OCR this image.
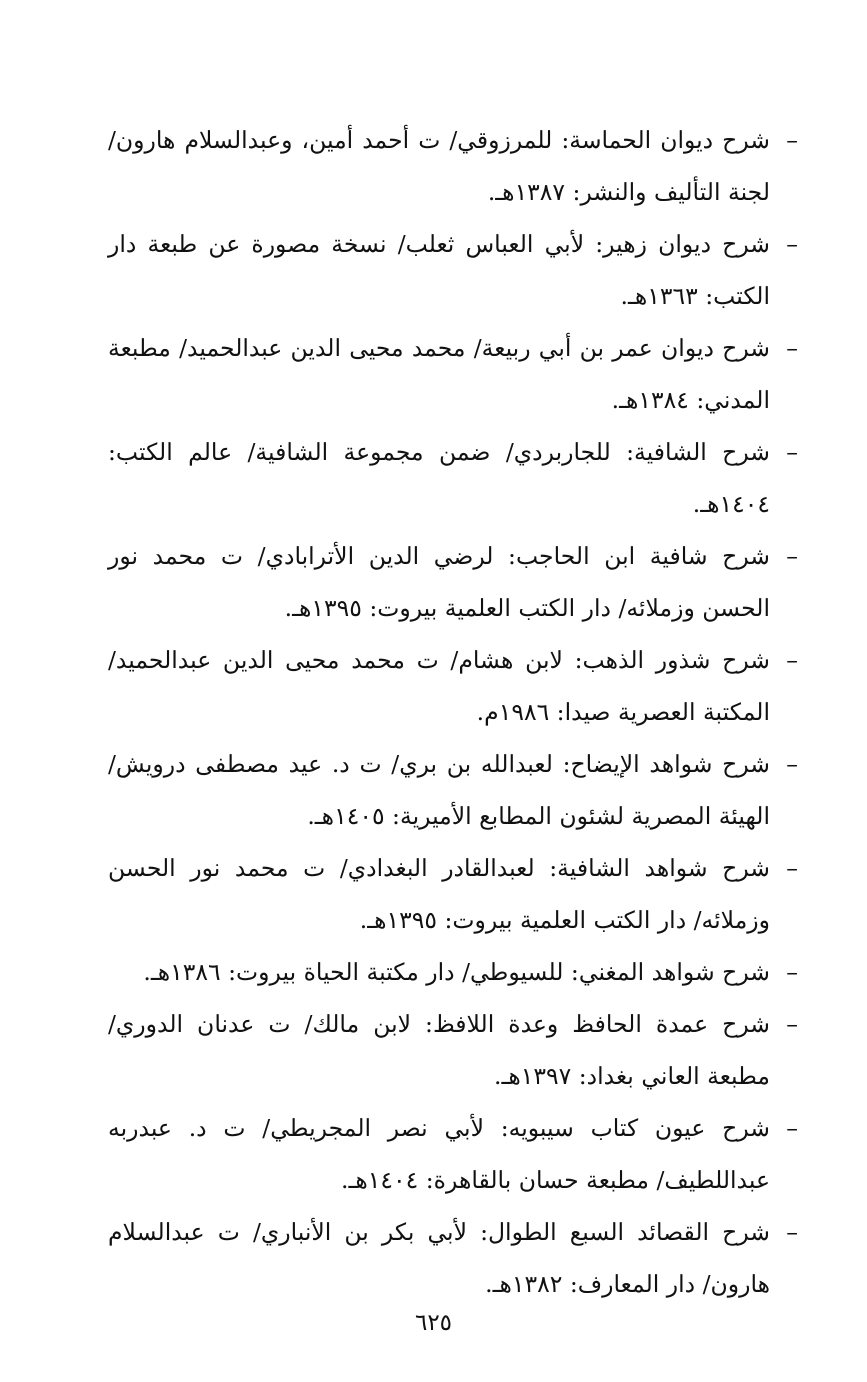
–
شرح ديوان الحماسة: للمرزوقي/ ت أحمد أمين، وعبدالسلام هارون/ لجنة التأليف والنشر: ١٣٨٧هـ.
–
شرح ديوان زهير: لأبي العباس ثعلب/ نسخة مصورة عن طبعة دار الكتب: ١٣٦٣هـ.
–
شرح ديوان عمر بن أبي ربيعة/ محمد محيى الدين عبدالحميد/ مطبعة المدني: ١٣٨٤هـ.
–
شرح الشافية: للجاربردي/ ضمن مجموعة الشافية/ عالم الكتب: ١٤٠٤هـ.
–
شرح شافية ابن الحاجب: لرضي الدين الأترابادي/ ت محمد نور الحسن وزملائه/ دار الكتب العلمية بيروت: ١٣٩٥هـ.
–
شرح شذور الذهب: لابن هشام/ ت محمد محيى الدين عبدالحميد/ المكتبة العصرية صيدا: ١٩٨٦م.
–
شرح شواهد الإيضاح: لعبدالله بن بري/ ت د. عيد مصطفى درويش/ الهيئة المصرية لشئون المطابع الأميرية: ١٤٠٥هـ.
–
شرح شواهد الشافية: لعبدالقادر البغدادي/ ت محمد نور الحسن وزملائه/ دار الكتب العلمية بيروت: ١٣٩٥هـ.
–
شرح شواهد المغني: للسيوطي/ دار مكتبة الحياة بيروت: ١٣٨٦هـ.
–
شرح عمدة الحافظ وعدة اللافظ: لابن مالك/ ت عدنان الدوري/ مطبعة العاني بغداد: ١٣٩٧هـ.
–
شرح عيون كتاب سيبويه: لأبي نصر المجريطي/ ت د. عبدربه عبداللطيف/ مطبعة حسان بالقاهرة: ١٤٠٤هـ.
–
شرح القصائد السبع الطوال: لأبي بكر بن الأنباري/ ت عبدالسلام هارون/ دار المعارف: ١٣٨٢هـ.
٦٢٥
